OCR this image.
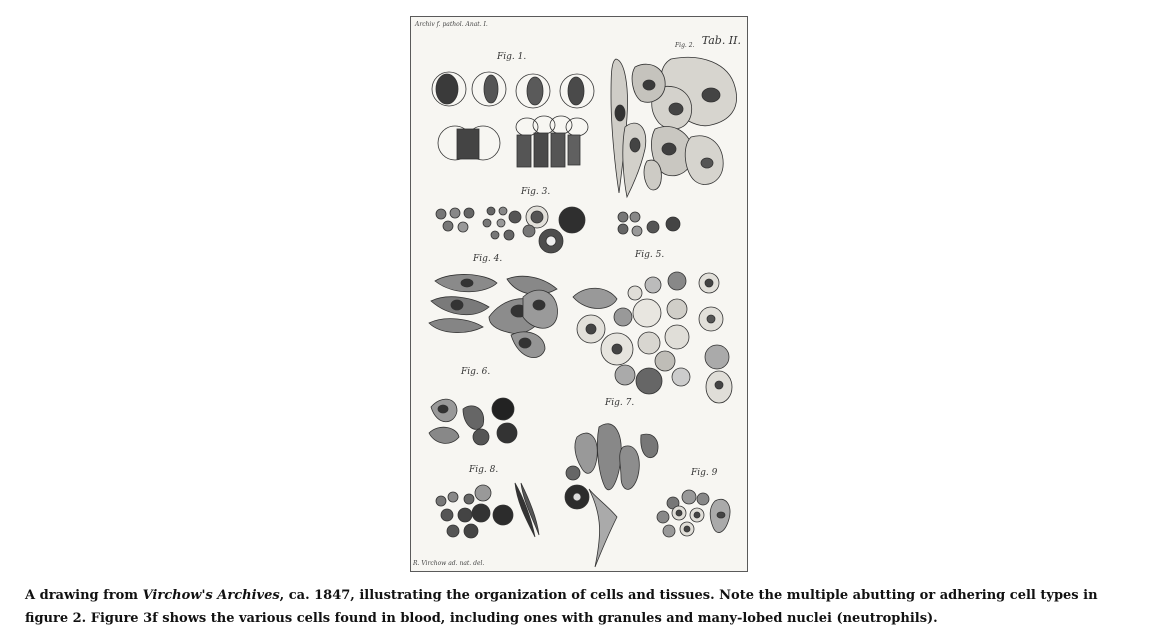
Archiv f. pathol. Anat. I.
Tab. II.
R. Virchow ad. nat. del.
Fig. 1.
Fig. 2.
Fig. 3.
Fig. 4.	Fig. 5.
Fig. 6.
Fig. 7.
Fig. 8.	Fig. 9
A drawing from Virchow's Archives, ca. 1847, illustrating the organization of cells and tissues. Note the multiple abutting or adhering cell types in figure 2. Figure 3f shows the various cells found in blood, including ones with granules and many-lobed nuclei (neutrophils).
